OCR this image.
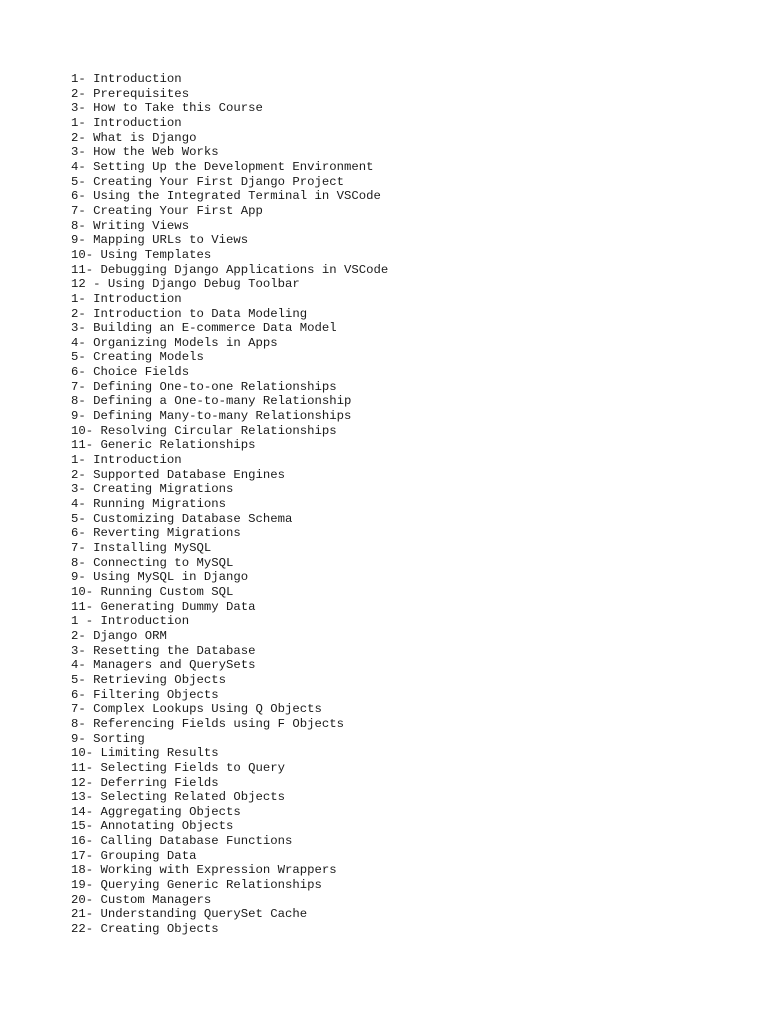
1- Introduction
2- Prerequisites
3- How to Take this Course
1- Introduction
2- What is Django
3- How the Web Works
4- Setting Up the Development Environment
5- Creating Your First Django Project
6- Using the Integrated Terminal in VSCode
7- Creating Your First App
8- Writing Views
9- Mapping URLs to Views
10- Using Templates
11- Debugging Django Applications in VSCode
12 - Using Django Debug Toolbar
1- Introduction
2- Introduction to Data Modeling
3- Building an E-commerce Data Model
4- Organizing Models in Apps
5- Creating Models
6- Choice Fields
7- Defining One-to-one Relationships
8- Defining a One-to-many Relationship
9- Defining Many-to-many Relationships
10- Resolving Circular Relationships
11- Generic Relationships
1- Introduction
2- Supported Database Engines
3- Creating Migrations
4- Running Migrations
5- Customizing Database Schema
6- Reverting Migrations
7- Installing MySQL
8- Connecting to MySQL
9- Using MySQL in Django
10- Running Custom SQL
11- Generating Dummy Data
1 - Introduction
2- Django ORM
3- Resetting the Database
4- Managers and QuerySets
5- Retrieving Objects
6- Filtering Objects
7- Complex Lookups Using Q Objects
8- Referencing Fields using F Objects
9- Sorting
10- Limiting Results
11- Selecting Fields to Query
12- Deferring Fields
13- Selecting Related Objects
14- Aggregating Objects
15- Annotating Objects
16- Calling Database Functions
17- Grouping Data
18- Working with Expression Wrappers
19- Querying Generic Relationships
20- Custom Managers
21- Understanding QuerySet Cache
22- Creating Objects
